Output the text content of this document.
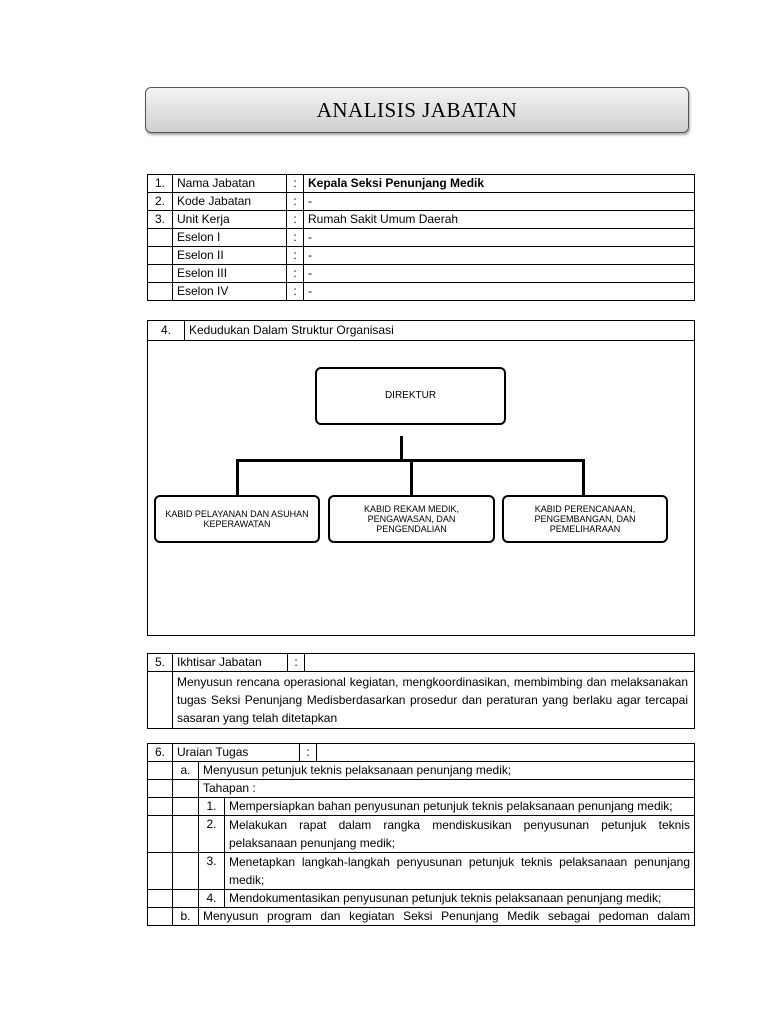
ANALISIS JABATAN
1.	Nama Jabatan	:	Kepala Seksi Penunjang Medik
2.	Kode Jabatan	:	-
3.	Unit Kerja	:	Rumah Sakit Umum Daerah
	Eselon I	:	-
	Eselon II	:	-
	Eselon III	:	-
	Eselon IV	:	-
4.	Kedudukan Dalam Struktur Organisasi
DIREKTUR
KABID PELAYANAN DAN ASUHAN KEPERAWATAN
KABID REKAM MEDIK, PENGAWASAN, DAN PENGENDALIAN
KABID PERENCANAAN, PENGEMBANGAN, DAN PEMELIHARAAN
5.	Ikhtisar Jabatan	:	

	Menyusun rencana operasional kegiatan, mengkoordinasikan, membimbing dan melaksanakan
tugas Seksi Penunjang Medisberdasarkan prosedur dan peraturan yang berlaku agar tercapai
sasaran yang telah ditetapkan		
6.	Uraian Tugas			:	
	a.	Menyusun petunjuk teknis pelaksanaan penunjang medik;			
		Tahapan :			
		1.	Mempersiapkan bahan penyusunan petunjuk teknis pelaksanaan penunjang medik;		

		2.	Melakukan rapat dalam rangka mendiskusikan penyusunan petunjuk teknis
pelaksanaan penunjang medik;		

		3.	Menetapkan langkah-langkah penyusunan petunjuk teknis pelaksanaan penunjang
medik;		

		4.	Mendokumentasikan penyusunan petunjuk teknis pelaksanaan penunjang medik;		

	b.	Menyusun program dan kegiatan Seksi Penunjang Medik sebagai pedoman dalam			
